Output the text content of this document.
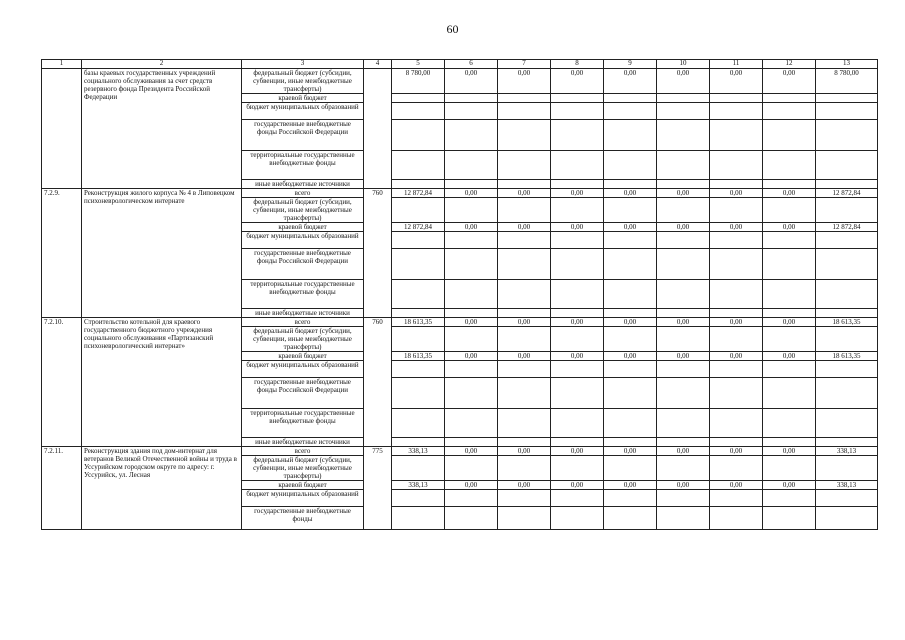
60
1	2	3	4	5	6	7	8	9	10	11	12	13
	базы краевых государственных учреждений социального обслуживания за счет средств резервного фонда Президента Российской Федерации	федеральный бюджет (субсидии, субвенции, иные межбюджетные трансферты)		8 780,00	0,00	0,00	0,00	0,00	0,00	0,00	0,00	8 780,00
		краевой бюджет										
		бюджет муниципальных образований										
		государственные внебюджетные фонды Российской Федерации										
		территориальные государственные внебюджетные фонды										
		иные внебюджетные источники										
7.2.9.	Реконструкция жилого корпуса № 4 в Липовецком психоневрологическом интернате	всего	760	12 872,84	0,00	0,00	0,00	0,00	0,00	0,00	0,00	12 872,84
		федеральный бюджет (субсидии, субвенции, иные межбюджетные трансферты)										
		краевой бюджет		12 872,84	0,00	0,00	0,00	0,00	0,00	0,00	0,00	12 872,84
		бюджет муниципальных образований										
		государственные внебюджетные фонды Российской Федерации										
		территориальные государственные внебюджетные фонды										
		иные внебюджетные источники										
7.2.10.	Строительство котельной для краевого государственного бюджетного учреждения социального обслуживания «Партизанский психоневрологический интернат»	всего	760	18 613,35	0,00	0,00	0,00	0,00	0,00	0,00	0,00	18 613,35
		федеральный бюджет (субсидии, субвенции, иные межбюджетные трансферты)										
		краевой бюджет		18 613,35	0,00	0,00	0,00	0,00	0,00	0,00	0,00	18 613,35
		бюджет муниципальных образований										
		государственные внебюджетные фонды Российской Федерации										
		территориальные государственные внебюджетные фонды										
		иные внебюджетные источники										
7.2.11.	Реконструкция здания под дом-интернат для ветеранов Великой Отечественной войны и труда в Уссурийском городском округе по адресу: г. Уссурийск, ул. Лесная	всего	775	338,13	0,00	0,00	0,00	0,00	0,00	0,00	0,00	338,13
		федеральный бюджет (субсидии, субвенции, иные межбюджетные трансферты)										
		краевой бюджет		338,13	0,00	0,00	0,00	0,00	0,00	0,00	0,00	338,13
		бюджет муниципальных образований										
		государственные внебюджетные фонды										
